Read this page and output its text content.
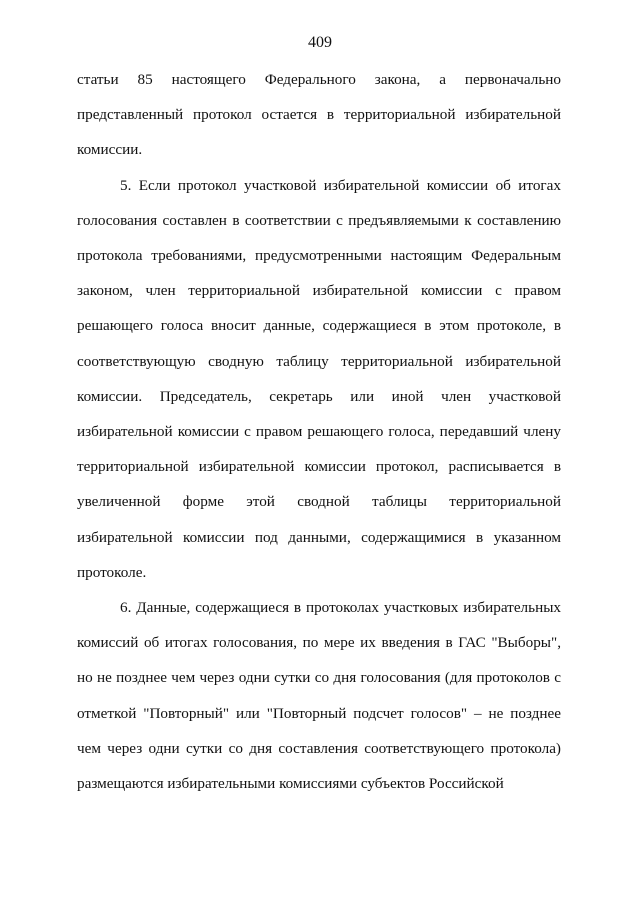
409

статьи 85 настоящего Федерального закона, а первоначально представленный протокол остается в территориальной избирательной комиссии.

5. Если протокол участковой избирательной комиссии об итогах голосования составлен в соответствии с предъявляемыми к составлению протокола требованиями, предусмотренными настоящим Федеральным законом, член территориальной избирательной комиссии с правом решающего голоса вносит данные, содержащиеся в этом протоколе, в соответствующую сводную таблицу территориальной избирательной комиссии. Председатель, секретарь или иной член участковой избирательной комиссии с правом решающего голоса, передавший члену территориальной избирательной комиссии протокол, расписывается в увеличенной форме этой сводной таблицы территориальной избирательной комиссии под данными, содержащимися в указанном протоколе.

6. Данные, содержащиеся в протоколах участковых избирательных комиссий об итогах голосования, по мере их введения в ГАС "Выборы", но не позднее чем через одни сутки со дня голосования (для протоколов с отметкой "Повторный" или "Повторный подсчет голосов" – не позднее чем через одни сутки со дня составления соответствующего протокола) размещаются избирательными комиссиями субъектов Российской
